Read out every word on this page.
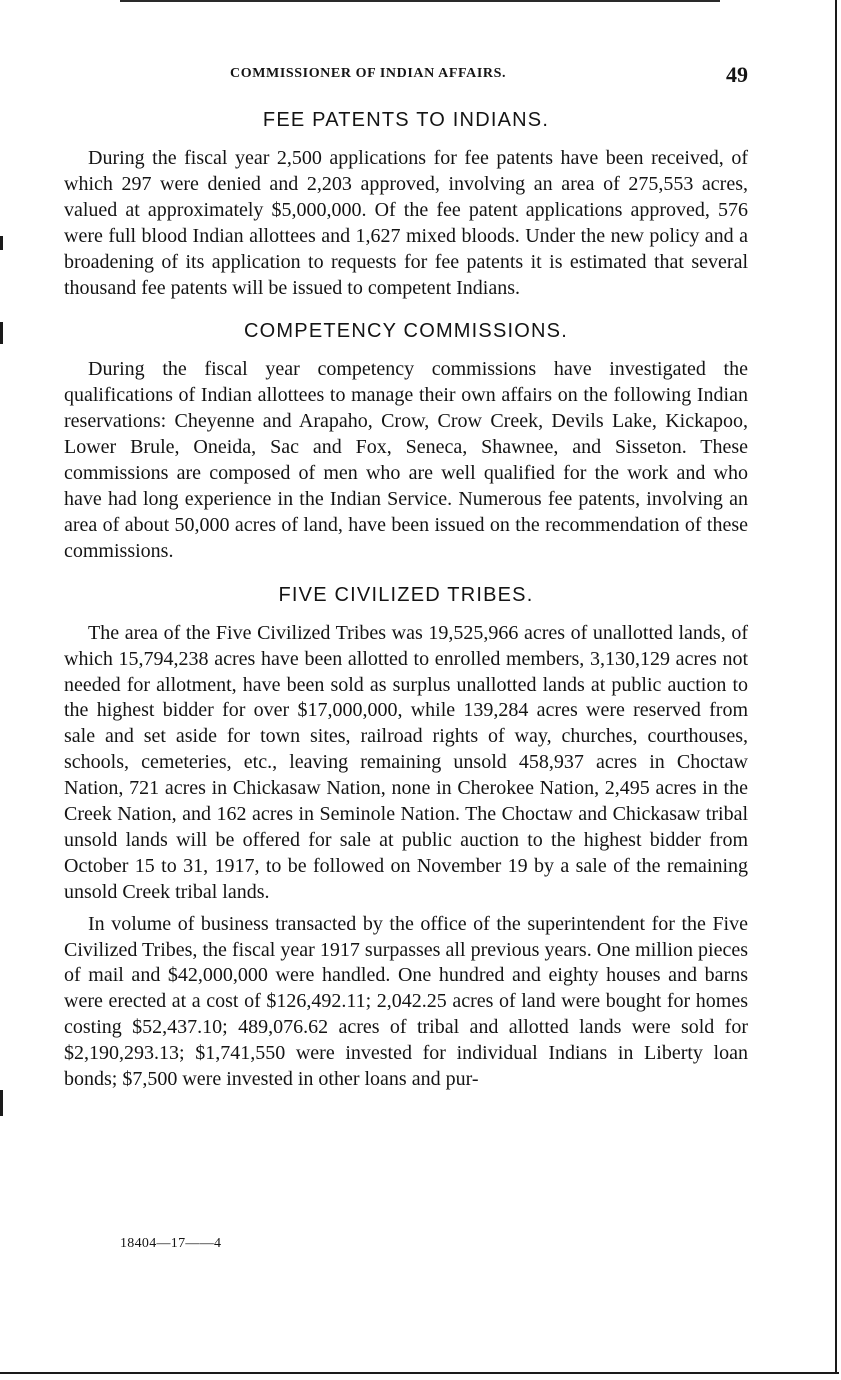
COMMISSIONER OF INDIAN AFFAIRS.	49
FEE PATENTS TO INDIANS.

During the fiscal year 2,500 applications for fee patents have been received, of which 297 were denied and 2,203 approved, involving an area of 275,553 acres, valued at approximately $5,000,000. Of the fee patent applications approved, 576 were full blood Indian allottees and 1,627 mixed bloods. Under the new policy and a broadening of its application to requests for fee patents it is estimated that several thousand fee patents will be issued to competent Indians.

COMPETENCY COMMISSIONS.

During the fiscal year competency commissions have investigated the qualifications of Indian allottees to manage their own affairs on the following Indian reservations: Cheyenne and Arapaho, Crow, Crow Creek, Devils Lake, Kickapoo, Lower Brule, Oneida, Sac and Fox, Seneca, Shawnee, and Sisseton. These commissions are composed of men who are well qualified for the work and who have had long experience in the Indian Service. Numerous fee patents, involving an area of about 50,000 acres of land, have been issued on the recommendation of these commissions.

FIVE CIVILIZED TRIBES.

The area of the Five Civilized Tribes was 19,525,966 acres of unallotted lands, of which 15,794,238 acres have been allotted to enrolled members, 3,130,129 acres not needed for allotment, have been sold as surplus unallotted lands at public auction to the highest bidder for over $17,000,000, while 139,284 acres were reserved from sale and set aside for town sites, railroad rights of way, churches, courthouses, schools, cemeteries, etc., leaving remaining unsold 458,937 acres in Choctaw Nation, 721 acres in Chickasaw Nation, none in Cherokee Nation, 2,495 acres in the Creek Nation, and 162 acres in Seminole Nation. The Choctaw and Chickasaw tribal unsold lands will be offered for sale at public auction to the highest bidder from October 15 to 31, 1917, to be followed on November 19 by a sale of the remaining unsold Creek tribal lands.

In volume of business transacted by the office of the superintendent for the Five Civilized Tribes, the fiscal year 1917 surpasses all previous years. One million pieces of mail and $42,000,000 were handled. One hundred and eighty houses and barns were erected at a cost of $126,492.11; 2,042.25 acres of land were bought for homes costing $52,437.10; 489,076.62 acres of tribal and allotted lands were sold for $2,190,293.13; $1,741,550 were invested for individual Indians in Liberty loan bonds; $7,500 were invested in other loans and pur-

18404—17——4
